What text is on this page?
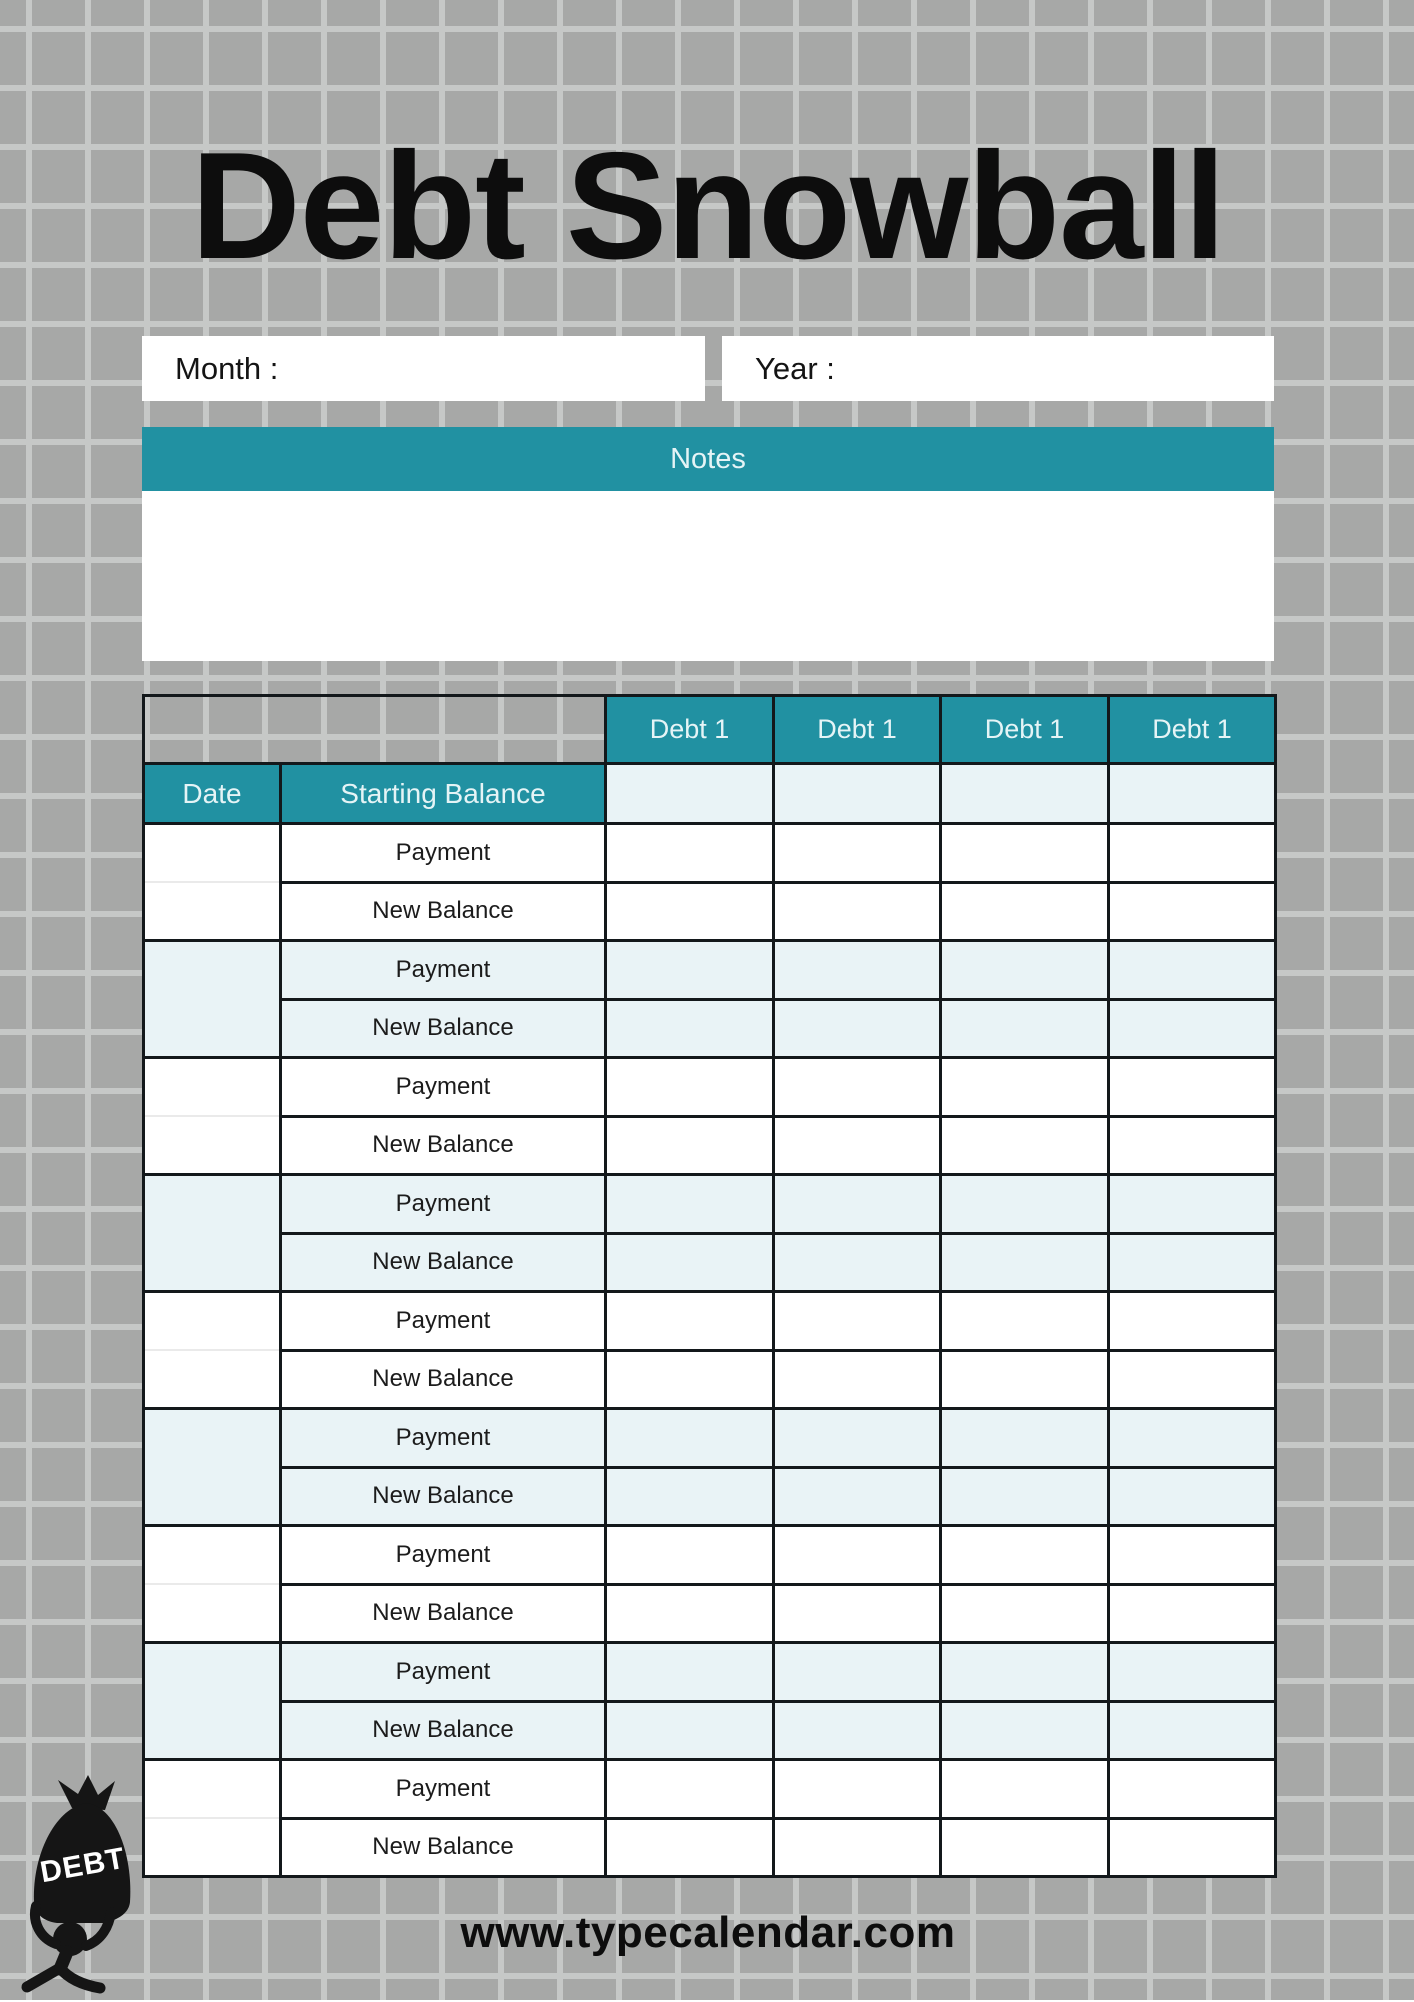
Debt Snowball
Month :	Year :
Notes
		Debt 1	Debt 1	Debt 1	Debt 1
Date	Starting Balance				
	Payment				
	New Balance				
	Payment				
	New Balance				
	Payment				
	New Balance				
	Payment				
	New Balance				
	Payment				
	New Balance				
	Payment				
	New Balance				
	Payment				
	New Balance				
	Payment				
	New Balance				
	Payment				
	New Balance				
DEBT
www.typecalendar.com
